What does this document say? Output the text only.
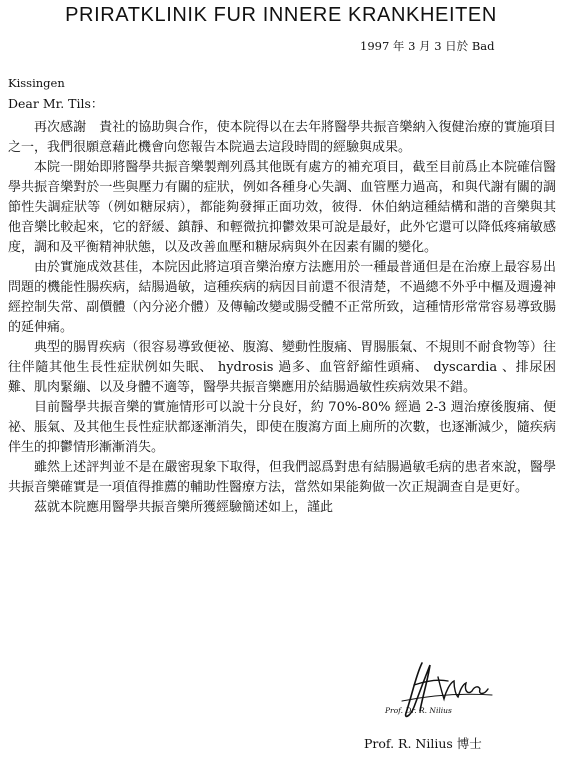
PRIRATKLINIK FUR INNERE KRANKHEITEN
1997 年 3 月 3 日於 Bad
Kissingen
Dear Mr. Tils：

再次感謝　貴社的協助與合作，使本院得以在去年將醫學共振音樂納入復健治療的實施項目之一，我們很願意藉此機會向您報告本院過去這段時間的經驗與成果。

本院一開始即將醫學共振音樂製劑列爲其他既有處方的補充項目，截至目前爲止本院確信醫學共振音樂對於一些與壓力有關的症狀，例如各種身心失調、血管壓力過高，和與代謝有關的調節性失調症狀等（例如糖尿病），都能夠發揮正面功效，彼得．休伯納這種結構和諧的音樂與其他音樂比較起來，它的舒緩、鎮靜、和輕微抗抑鬱效果可說是最好，此外它還可以降低疼痛敏感度，調和及平衡精神狀態，以及改善血壓和糖尿病與外在因素有關的變化。

由於實施成效甚佳，本院因此將這項音樂治療方法應用於一種最普通但是在治療上最容易出問題的機能性腸疾病，結腸過敏，這種疾病的病因目前還不很清楚，不過總不外乎中樞及週邊神經控制失常、副價體（內分泌介體）及傳輸改變或腸受體不正常所致，這種情形常常容易導致腸的延伸痛。

典型的腸胃疾病（很容易導致便祕、腹瀉、變動性腹痛、胃腸脹氣、不規則不耐食物等）往往伴隨其他生長性症狀例如失眠、 hydrosis 過多、血管舒縮性頭痛、 dyscardia 、排尿困難、肌肉緊繃、以及身體不適等，醫學共振音樂應用於結腸過敏性疾病效果不錯。

目前醫學共振音樂的實施情形可以說十分良好，約 70%-80% 經過 2-3 週治療後腹痛、便祕、脹氣、及其他生長性症狀都逐漸消失，即使在腹瀉方面上廁所的次數，也逐漸減少，隨疾病伴生的抑鬱情形漸漸消失。

雖然上述評判並不是在嚴密現象下取得，但我們認爲對患有結腸過敏毛病的患者來說，醫學共振音樂確實是一項值得推薦的輔助性醫療方法，當然如果能夠做一次正規調查自是更好。

茲就本院應用醫學共振音樂所獲經驗簡述如上，謹此

Prof. Dr. R. Nilius
Prof. R. Nilius 博士
